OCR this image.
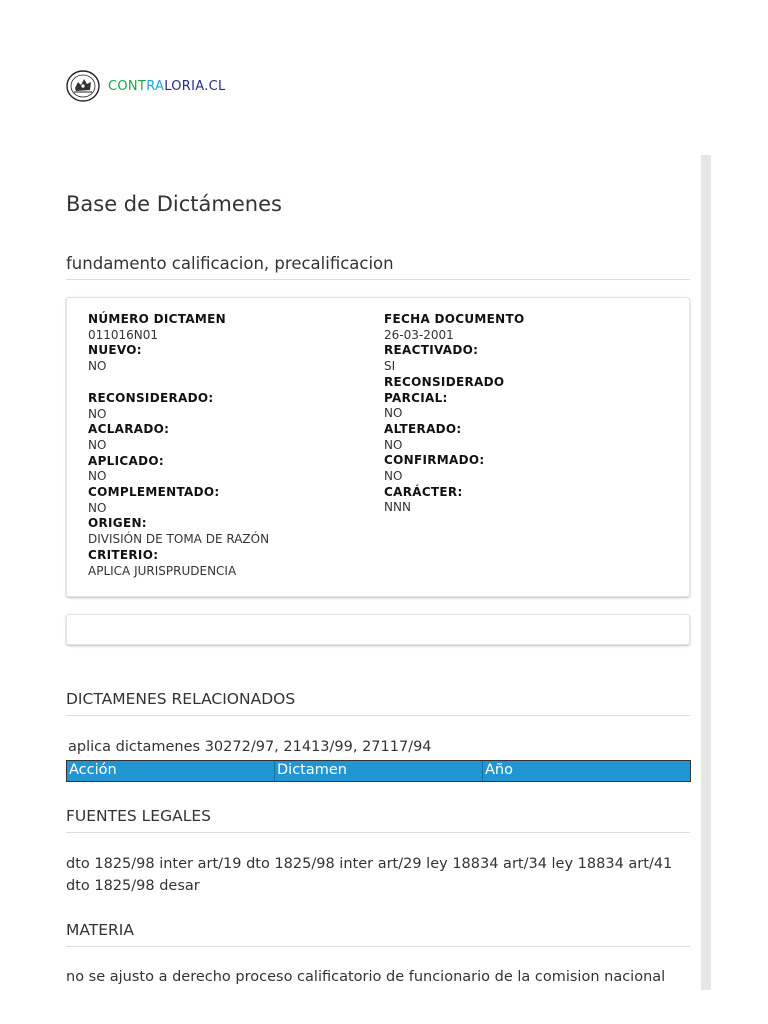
CONTRALORIA.CL
Base de Dictámenes
fundamento calificacion, precalificacion
NÚMERO DICTAMEN
011016N01
NUEVO:
NO
RECONSIDERADO:
NO
ACLARADO:
NO
APLICADO:
NO
COMPLEMENTADO:
NO
ORIGEN:
DIVISIÓN DE TOMA DE RAZÓN
CRITERIO:
APLICA JURISPRUDENCIA
FECHA DOCUMENTO
26-03-2001
REACTIVADO:
SI
RECONSIDERADO PARCIAL:
NO
ALTERADO:
NO
CONFIRMADO:
NO
CARÁCTER:
NNN
DICTAMENES RELACIONADOS

aplica dictamenes 30272/97, 21413/99, 27117/94

Acción	Dictamen	Año
FUENTES LEGALES

dto 1825/98 inter art/19 dto 1825/98 inter art/29 ley 18834 art/34 ley 18834 art/41 dto 1825/98 desar

MATERIA

no se ajusto a derecho proceso calificatorio de funcionario de la comision nacional
